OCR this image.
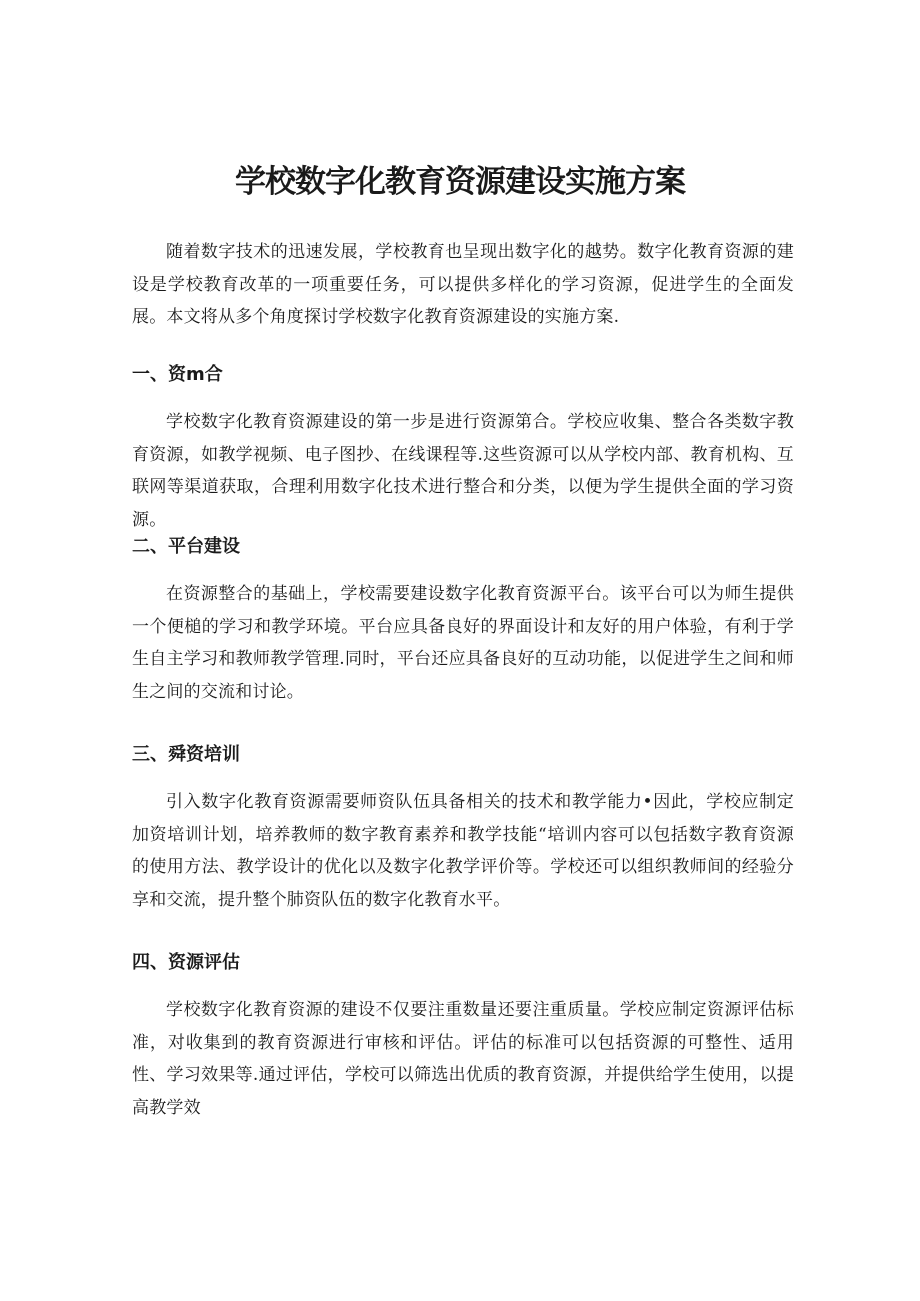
学校数字化教育资源建设实施方案

随着数字技术的迅速发展，学校教育也呈现出数字化的越势。数字化教育资源的建设是学校教育改革的一项重要任务，可以提供多样化的学习资源，促进学生的全面发展。本文将从多个角度探讨学校数字化教育资源建设的实施方案.

一、资m合

学校数字化教育资源建设的第一步是进行资源第合。学校应收集、整合各类数字教育资源，如教学视频、电子图抄、在线课程等.这些资源可以从学校内部、教育机构、互联网等渠道获取，合理利用数字化技术进行整合和分类，以便为学生提供全面的学习资源。

二、平台建设

在资源整合的基础上，学校需要建设数字化教育资源平台。该平台可以为师生提供一个便槌的学习和教学环境。平台应具备良好的界面设计和友好的用户体验，有利于学生自主学习和教师教学管理.同时，平台还应具备良好的互动功能，以促进学生之间和师生之间的交流和讨论。

三、舜资培训

引入数字化教育资源需要师资队伍具备相关的技术和教学能力•因此，学校应制定加资培训计划，培养教师的数字教育素养和教学技能“培训内容可以包括数字教育资源的使用方法、教学设计的优化以及数字化教学评价等。学校还可以组织教师间的经验分享和交流，提升整个肺资队伍的数字化教育水平。

四、资源评估

学校数字化教育资源的建设不仅要注重数量还要注重质量。学校应制定资源评估标准，对收集到的教育资源进行审核和评估。评估的标准可以包括资源的可整性、适用性、学习效果等.通过评估，学校可以筛选出优质的教育资源，并提供给学生使用，以提高教学效
